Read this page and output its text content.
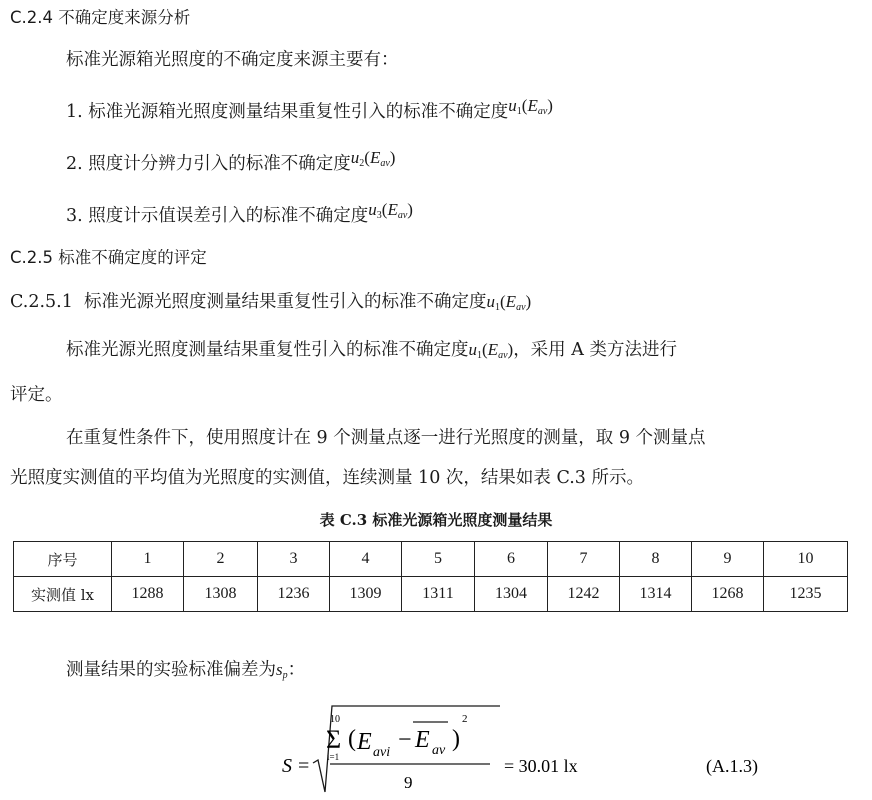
C.2.4 不确定度来源分析
标准光源箱光照度的不确定度来源主要有：
1. 标准光源箱光照度测量结果重复性引入的标准不确定度$u_1(E_{av})$
2. 照度计分辨力引入的标准不确定度$u_2(E_{av})$
3. 照度计示值误差引入的标准不确定度$u_3(E_{av})$
C.2.5 标准不确定度的评定
C.2.5.1 标准光源光照度测量结果重复性引入的标准不确定度$u_1(E_{av})$
标准光源光照度测量结果重复性引入的标准不确定度$u_1(E_{av})$，采用 A 类方法进行
评定。
在重复性条件下，使用照度计在 9 个测量点逐一进行光照度的测量，取 9 个测量点
光照度实测值的平均值为光照度的实测值，连续测量 10 次，结果如表 C.3 所示。
表 C.3 标准光源箱光照度测量结果
序号	1	2	3	4	5	6	7	8	9	10
实测值 lx	1288	1308	1236	1309	1311	1304	1242	1314	1268	1235
测量结果的实验标准偏差为$s_p$：
S =
10
Σ
i=1
( E avi − E av )
2
9
= 30.01 lx	(A.1.3)
